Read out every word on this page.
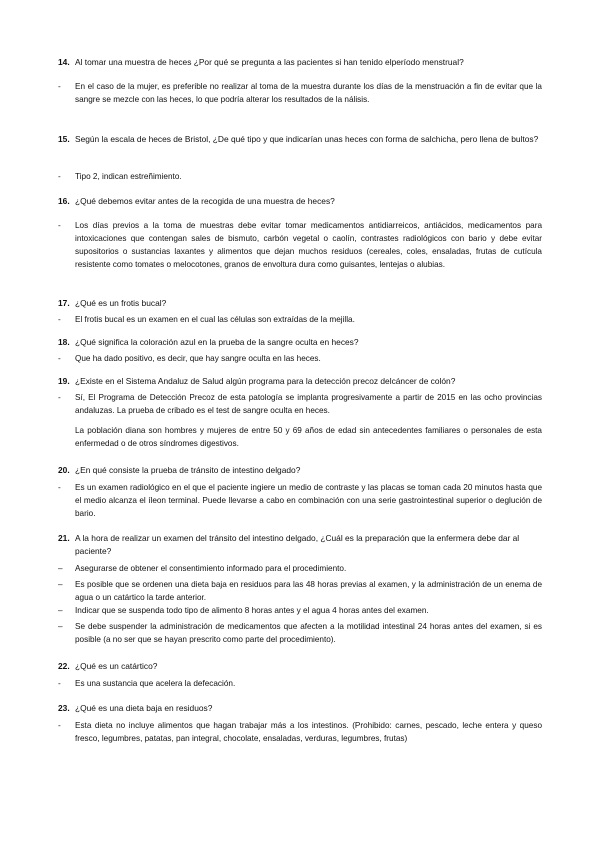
14. Al tomar una muestra de heces ¿Por qué se pregunta a las pacientes si han tenido elperíodo menstrual?
- En el caso de la mujer, es preferible no realizar al toma de la muestra durante los días de la menstruación a fin de evitar que la sangre se mezcle con las heces, lo que podría alterar los resultados de la nálisis.
15. Según la escala de heces de Bristol, ¿De qué tipo y que indicarían unas heces con forma de salchicha, pero llena de bultos?
- Tipo 2, indican estreñimiento.
16. ¿Qué debemos evitar antes de la recogida de una muestra de heces?
- Los días previos a la toma de muestras debe evitar tomar medicamentos antidiarreicos, antiácidos, medicamentos para intoxicaciones que contengan sales de bismuto, carbón vegetal o caolín, contrastes radiológicos con bario y debe evitar supositorios o sustancias laxantes y alimentos que dejan muchos residuos (cereales, coles, ensaladas, frutas de cutícula resistente como tomates o melocotones, granos de envoltura dura como guisantes, lentejas o alubias.
17. ¿Qué es un frotis bucal?
- El frotis bucal es un examen en el cual las células son extraídas de la mejilla.
18. ¿Qué significa la coloración azul en la prueba de la sangre oculta en heces?
- Que ha dado positivo, es decir, que hay sangre oculta en las heces.
19. ¿Existe en el Sistema Andaluz de Salud algún programa para la detección precoz delcáncer de colón?
- Sí, El Programa de Detección Precoz de esta patología se implanta progresivamente a partir de 2015 en las ocho provincias andaluzas. La prueba de cribado es el test de sangre oculta en heces.
La población diana son hombres y mujeres de entre 50 y 69 años de edad sin antecedentes familiares o personales de esta enfermedad o de otros síndromes digestivos.
20. ¿En qué consiste la prueba de tránsito de intestino delgado?
- Es un examen radiológico en el que el paciente ingiere un medio de contraste y las placas se toman cada 20 minutos hasta que el medio alcanza el íleon terminal. Puede llevarse a cabo en combinación con una serie gastrointestinal superior o deglución de bario.
21. A la hora de realizar un examen del tránsito del intestino delgado, ¿Cuál es la preparación que la enfermera debe dar al paciente?
– Asegurarse de obtener el consentimiento informado para el procedimiento.
– Es posible que se ordenen una dieta baja en residuos para las 48 horas previas al examen, y la administración de un enema de agua o un catártico la tarde anterior.
– Indicar que se suspenda todo tipo de alimento 8 horas antes y el agua 4 horas antes del examen.
– Se debe suspender la administración de medicamentos que afecten a la motilidad intestinal 24 horas antes del examen, si es posible (a no ser que se hayan prescrito como parte del procedimiento).
22. ¿Qué es un catártico?
- Es una sustancia que acelera la defecación.
23. ¿Qué es una dieta baja en residuos?
- Esta dieta no incluye alimentos que hagan trabajar más a los intestinos. (Prohibido: carnes, pescado, leche entera y queso fresco, legumbres, patatas, pan integral, chocolate, ensaladas, verduras, legumbres, frutas)
